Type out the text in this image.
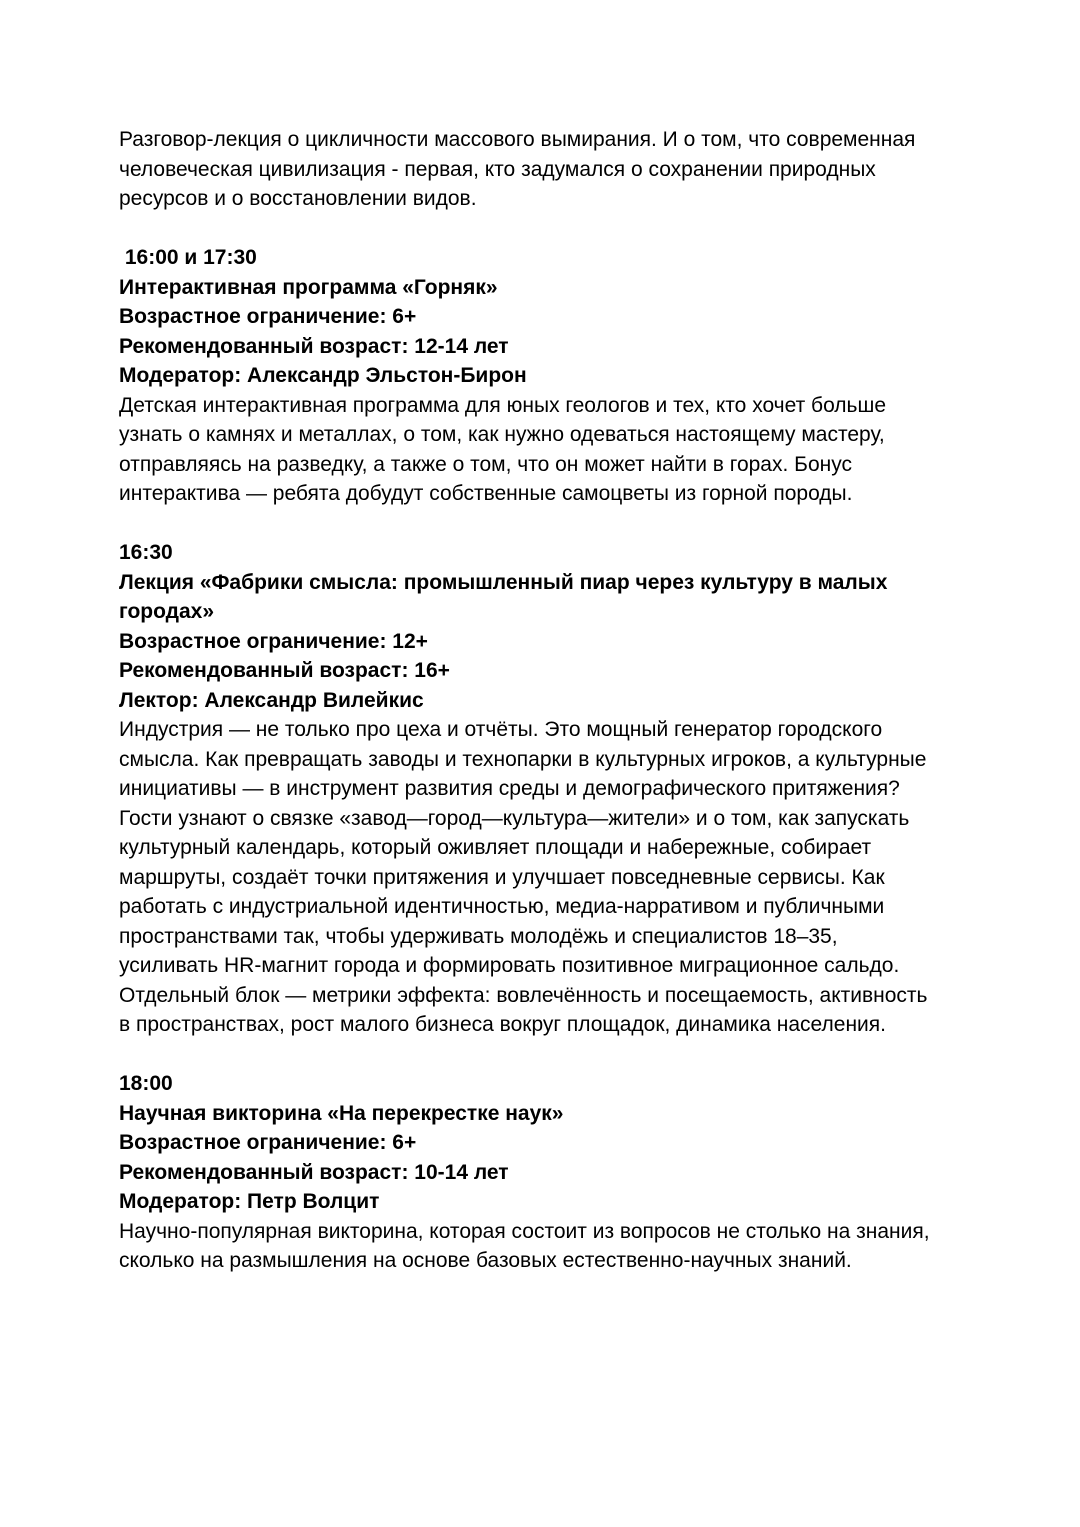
Разговор-лекция о цикличности массового вымирания. И о том, что современная человеческая цивилизация - первая, кто задумался о сохранении природных ресурсов и о восстановлении видов.

16:00 и 17:30
Интерактивная программа «Горняк»
Возрастное ограничение: 6+
Рекомендованный возраст: 12-14 лет
Модератор: Александр Эльстон-Бирон

Детская интерактивная программа для юных геологов и тех, кто хочет больше узнать о камнях и металлах, о том, как нужно одеваться настоящему мастеру, отправляясь на разведку, а также о том, что он может найти в горах. Бонус интерактива — ребята добудут собственные самоцветы из горной породы.

16:30
Лекция «Фабрики смысла: промышленный пиар через культуру в малых городах»
Возрастное ограничение: 12+
Рекомендованный возраст: 16+
Лектор: Александр Вилейкис

Индустрия — не только про цеха и отчёты. Это мощный генератор городского смысла. Как превращать заводы и технопарки в культурных игроков, а культурные инициативы — в инструмент развития среды и демографического притяжения? Гости узнают о связке «завод—город—культура—жители» и о том, как запускать культурный календарь, который оживляет площади и набережные, собирает маршруты, создаёт точки притяжения и улучшает повседневные сервисы. Как работать с индустриальной идентичностью, медиа-нарративом и публичными пространствами так, чтобы удерживать молодёжь и специалистов 18–35, усиливать HR-магнит города и формировать позитивное миграционное сальдо. Отдельный блок — метрики эффекта: вовлечённость и посещаемость, активность в пространствах, рост малого бизнеса вокруг площадок, динамика населения.

18:00
Научная викторина «На перекрестке наук»
Возрастное ограничение: 6+
Рекомендованный возраст: 10-14 лет
Модератор: Петр Волцит

Научно-популярная викторина, которая состоит из вопросов не столько на знания, сколько на размышления на основе базовых естественно-научных знаний.
